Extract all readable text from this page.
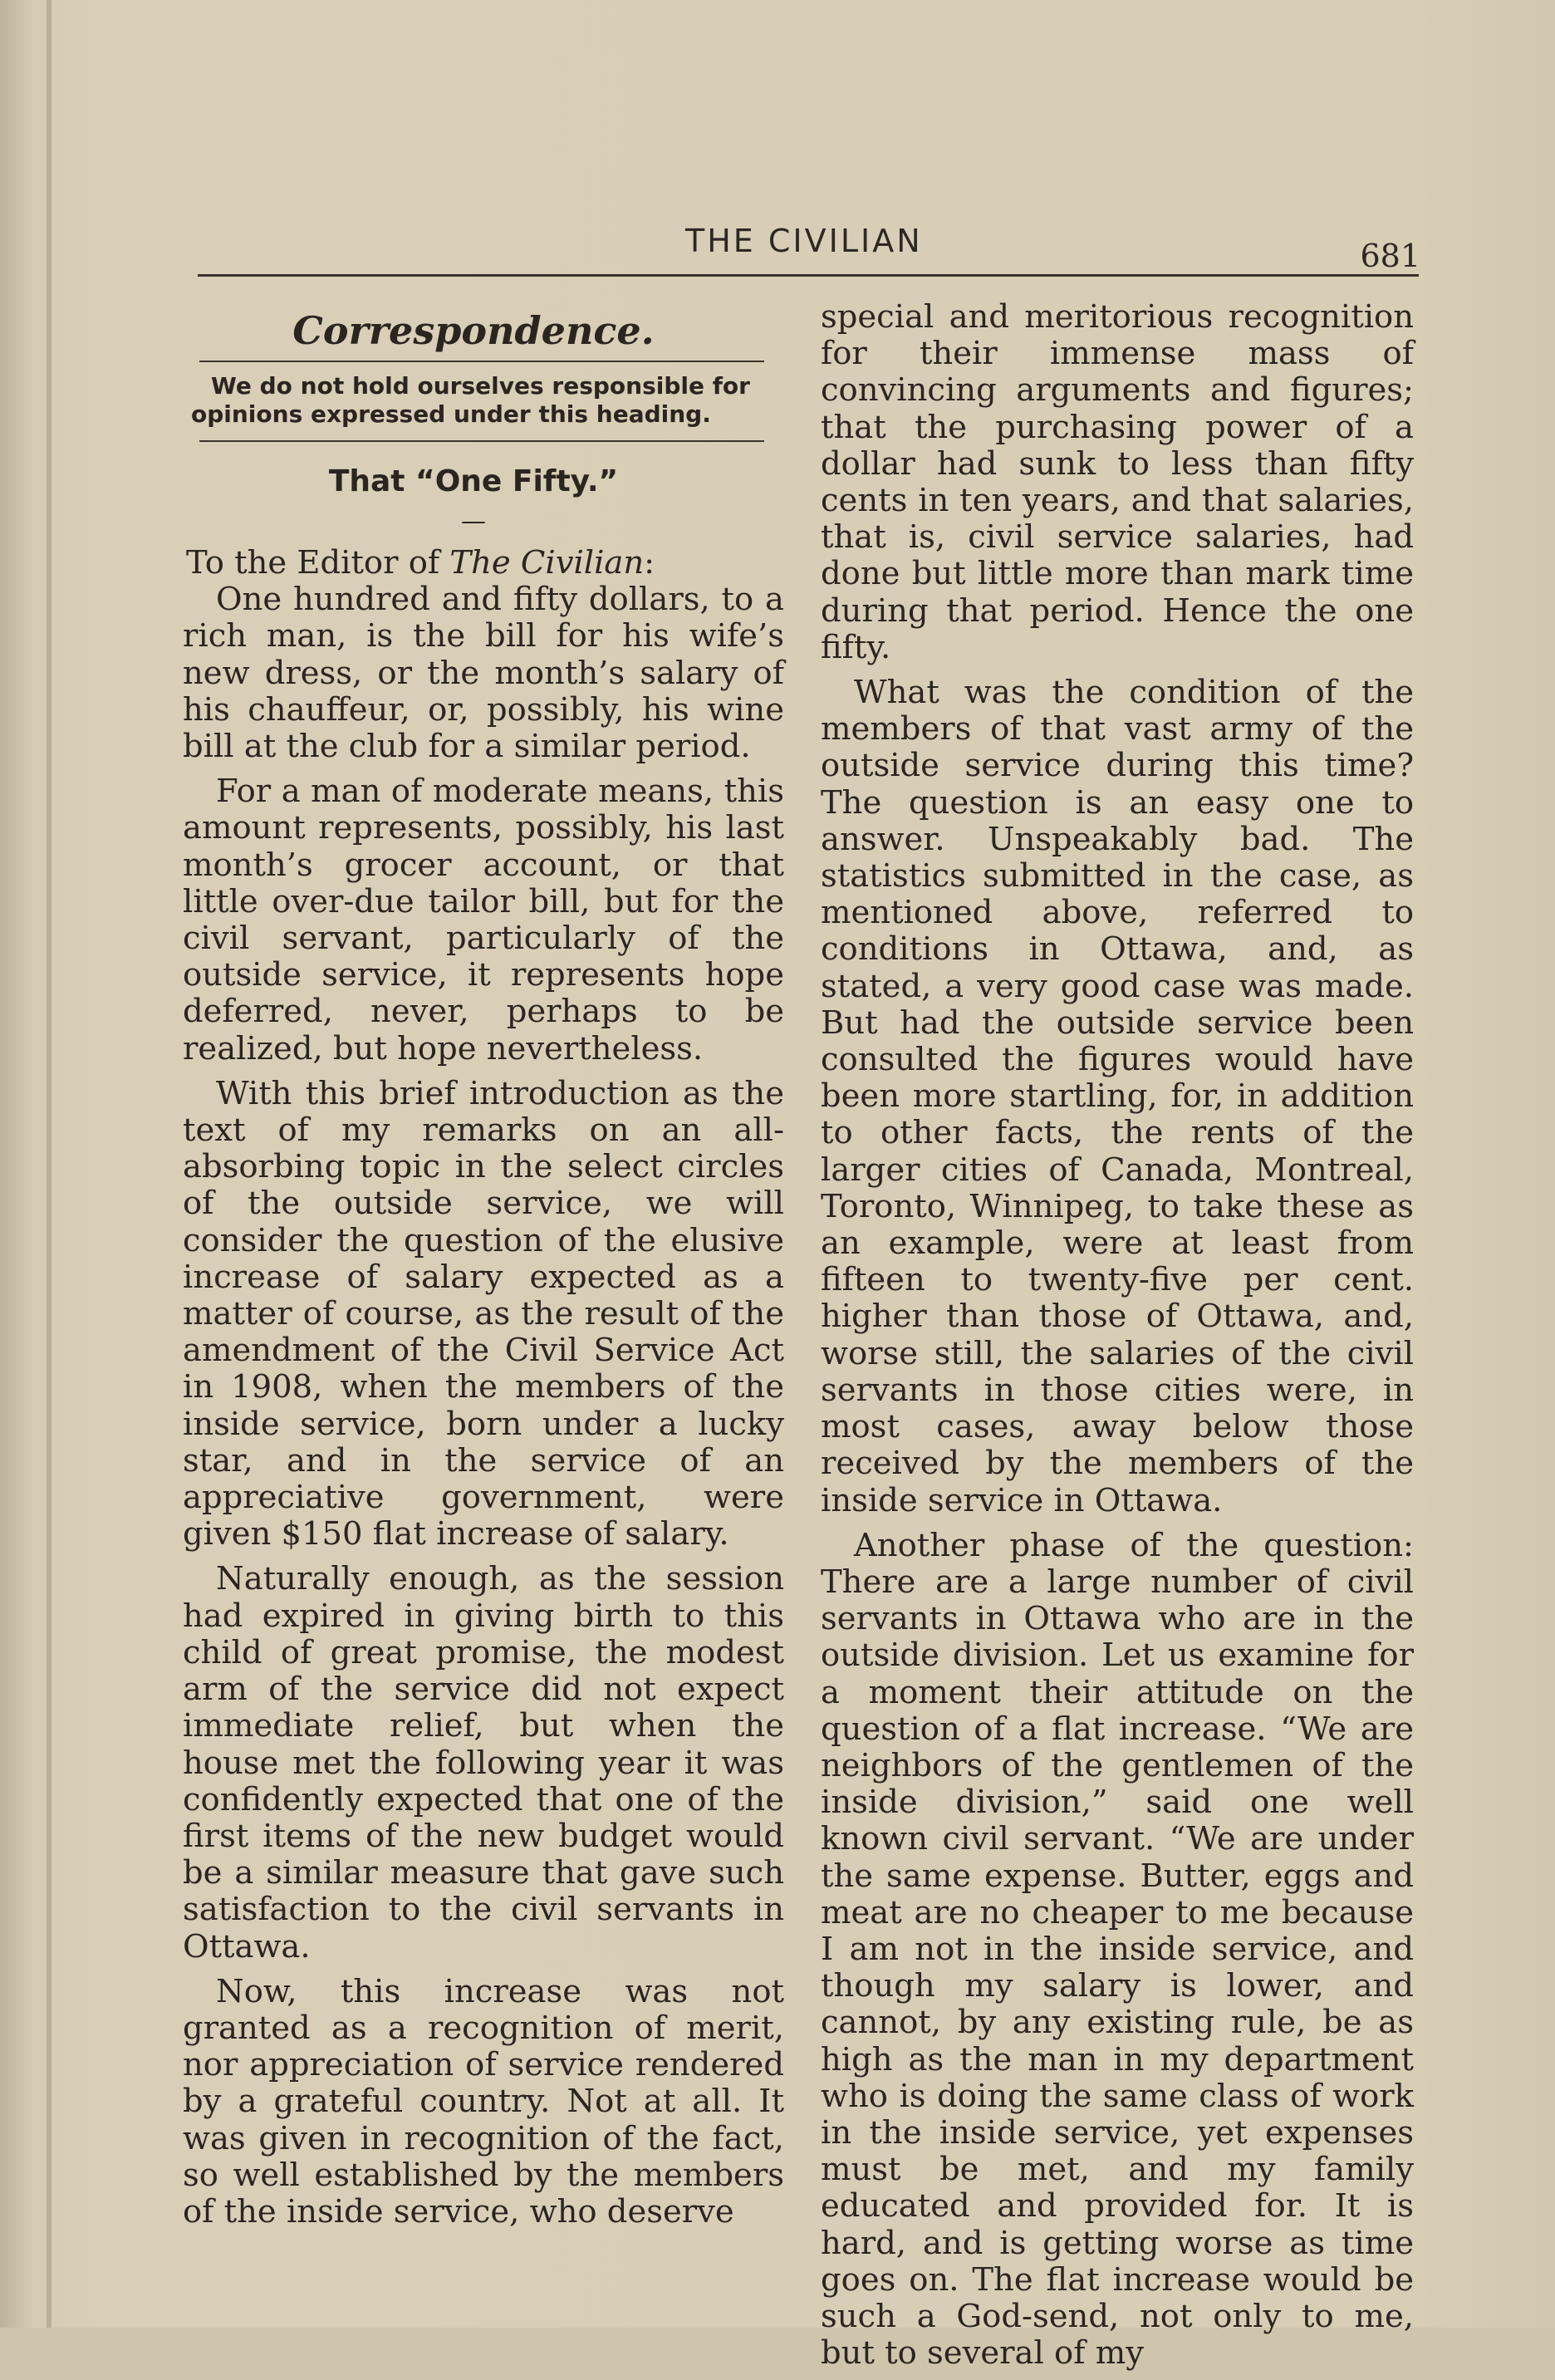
THE CIVILIAN	681
Correspondence.
We do not hold ourselves responsible for opinions expressed under this heading.
That “One Fifty.”
—
To the Editor of The Civilian:

One hundred and fifty dollars, to a rich man, is the bill for his wife’s new dress, or the month’s salary of his chauffeur, or, possibly, his wine bill at the club for a similar period.

For a man of moderate means, this amount represents, possibly, his last month’s grocer account, or that little over-due tailor bill, but for the civil servant, particularly of the outside service, it represents hope deferred, never, perhaps to be realized, but hope nevertheless.

With this brief introduction as the text of my remarks on an all-absorbing topic in the select circles of the outside service, we will consider the question of the elusive increase of salary expected as a matter of course, as the result of the amendment of the Civil Service Act in 1908, when the members of the inside service, born under a lucky star, and in the service of an appreciative government, were given $150 flat increase of salary.

Naturally enough, as the session had expired in giving birth to this child of great promise, the modest arm of the service did not expect immediate relief, but when the house met the following year it was confidently expected that one of the first items of the new budget would be a similar measure that gave such satisfaction to the civil servants in Ottawa.

Now, this increase was not granted as a recognition of merit, nor appreciation of service rendered by a grateful country. Not at all. It was given in recognition of the fact, so well established by the members of the inside service, who deserve

special and meritorious recognition for their immense mass of convincing arguments and figures; that the purchasing power of a dollar had sunk to less than fifty cents in ten years, and that salaries, that is, civil service salaries, had done but little more than mark time during that period. Hence the one fifty.

What was the condition of the members of that vast army of the outside service during this time? The question is an easy one to answer. Unspeakably bad. The statistics submitted in the case, as mentioned above, referred to conditions in Ottawa, and, as stated, a very good case was made. But had the outside service been consulted the figures would have been more startling, for, in addition to other facts, the rents of the larger cities of Canada, Montreal, Toronto, Winnipeg, to take these as an example, were at least from fifteen to twenty-five per cent. higher than those of Ottawa, and, worse still, the salaries of the civil servants in those cities were, in most cases, away below those received by the members of the inside service in Ottawa.

Another phase of the question: There are a large number of civil servants in Ottawa who are in the outside division. Let us examine for a moment their attitude on the question of a flat increase. “We are neighbors of the gentlemen of the inside division,” said one well known civil servant. “We are under the same expense. Butter, eggs and meat are no cheaper to me because I am not in the inside service, and though my salary is lower, and cannot, by any existing rule, be as high as the man in my department who is doing the same class of work in the inside service, yet expenses must be met, and my family educated and provided for. It is hard, and is getting worse as time goes on. The flat increase would be such a God-send, not only to me, but to several of my
